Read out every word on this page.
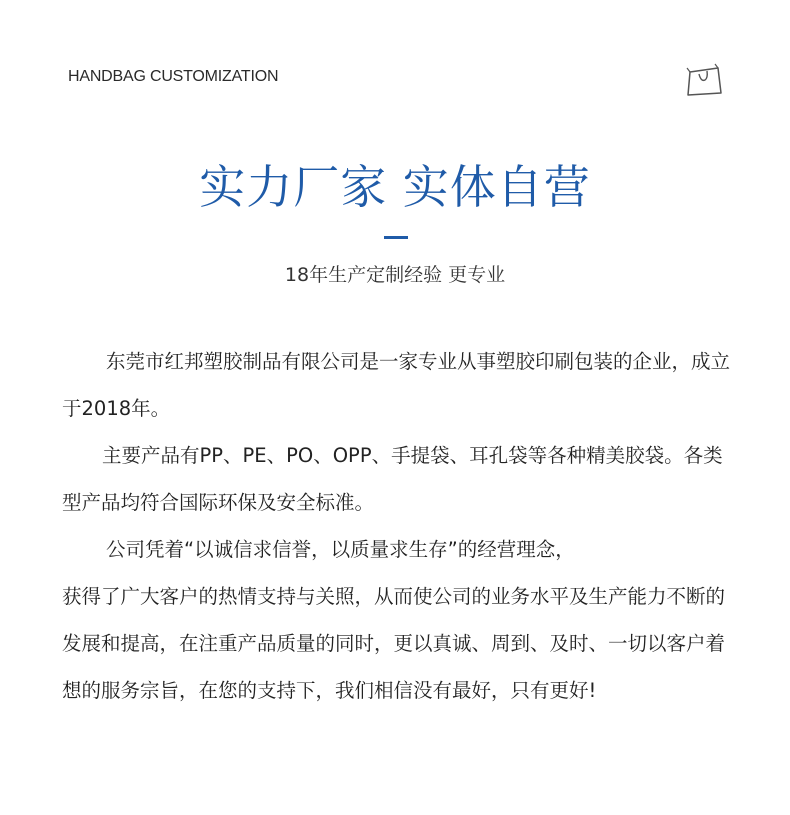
HANDBAG CUSTOMIZATION
实力厂家 实体自营
18年生产定制经验 更专业

东莞市红邦塑胶制品有限公司是一家专业从事塑胶印刷包装的企业，成立于2018年。

主要产品有PP、PE、PO、OPP、手提袋、耳孔袋等各种精美胶袋。各类型产品均符合国际环保及安全标准。

公司凭着“以诚信求信誉，以质量求生存”的经营理念，

获得了广大客户的热情支持与关照，从而使公司的业务水平及生产能力不断的发展和提高，在注重产品质量的同时，更以真诚、周到、及时、一切以客户着想的服务宗旨，在您的支持下，我们相信没有最好，只有更好!
